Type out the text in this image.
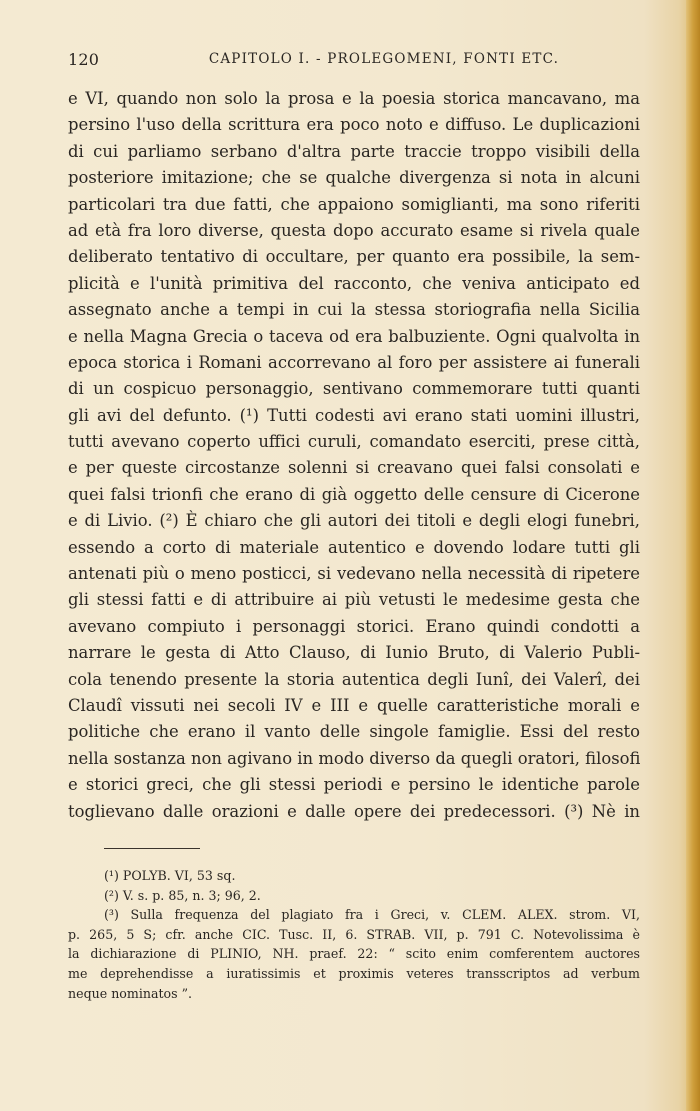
120	CAPITOLO I. - PROLEGOMENI, FONTI ETC.
e VI, quando non solo la prosa e la poesia storica mancavano, ma
persino l'uso della scrittura era poco noto e diffuso. Le duplicazioni
di cui parliamo serbano d'altra parte traccie troppo visibili della
posteriore imitazione; che se qualche divergenza si nota in alcuni
particolari tra due fatti, che appaiono somiglianti, ma sono riferiti
ad età fra loro diverse, questa dopo accurato esame si rivela quale
deliberato tentativo di occultare, per quanto era possibile, la sem-
plicità e l'unità primitiva del racconto, che veniva anticipato ed
assegnato anche a tempi in cui la stessa storiografia nella Sicilia
e nella Magna Grecia o taceva od era balbuziente. Ogni qualvolta in
epoca storica i Romani accorrevano al foro per assistere ai funerali
di un cospicuo personaggio, sentivano commemorare tutti quanti
gli avi del defunto. (¹) Tutti codesti avi erano stati uomini illustri,
tutti avevano coperto uffici curuli, comandato eserciti, prese città,
e per queste circostanze solenni si creavano quei falsi consolati e
quei falsi trionfi che erano di già oggetto delle censure di Cicerone
e di Livio. (²) È chiaro che gli autori dei titoli e degli elogi funebri,
essendo a corto di materiale autentico e dovendo lodare tutti gli
antenati più o meno posticci, si vedevano nella necessità di ripetere
gli stessi fatti e di attribuire ai più vetusti le medesime gesta che
avevano compiuto i personaggi storici. Erano quindi condotti a
narrare le gesta di Atto Clauso, di Iunio Bruto, di Valerio Publi-
cola tenendo presente la storia autentica degli Iunî, dei Valerî, dei
Claudî vissuti nei secoli IV e III e quelle caratteristiche morali e
politiche che erano il vanto delle singole famiglie. Essi del resto
nella sostanza non agivano in modo diverso da quegli oratori, filosofi
e storici greci, che gli stessi periodi e persino le identiche parole
toglievano dalle orazioni e dalle opere dei predecessori. (³) Nè in
(¹) POLYB. VI, 53 sq.
(²) V. s. p. 85, n. 3; 96, 2.
(³) Sulla frequenza del plagiato fra i Greci, v. CLEM. ALEX. strom. VI,
p. 265, 5 S; cfr. anche CIC. Tusc. II, 6. STRAB. VII, p. 791 C. Notevolissima è
la dichiarazione di PLINIO, NH. praef. 22: “ scito enim comferentem auctores
me deprehendisse a iuratissimis et proximis veteres transscriptos ad verbum
neque nominatos ”.
